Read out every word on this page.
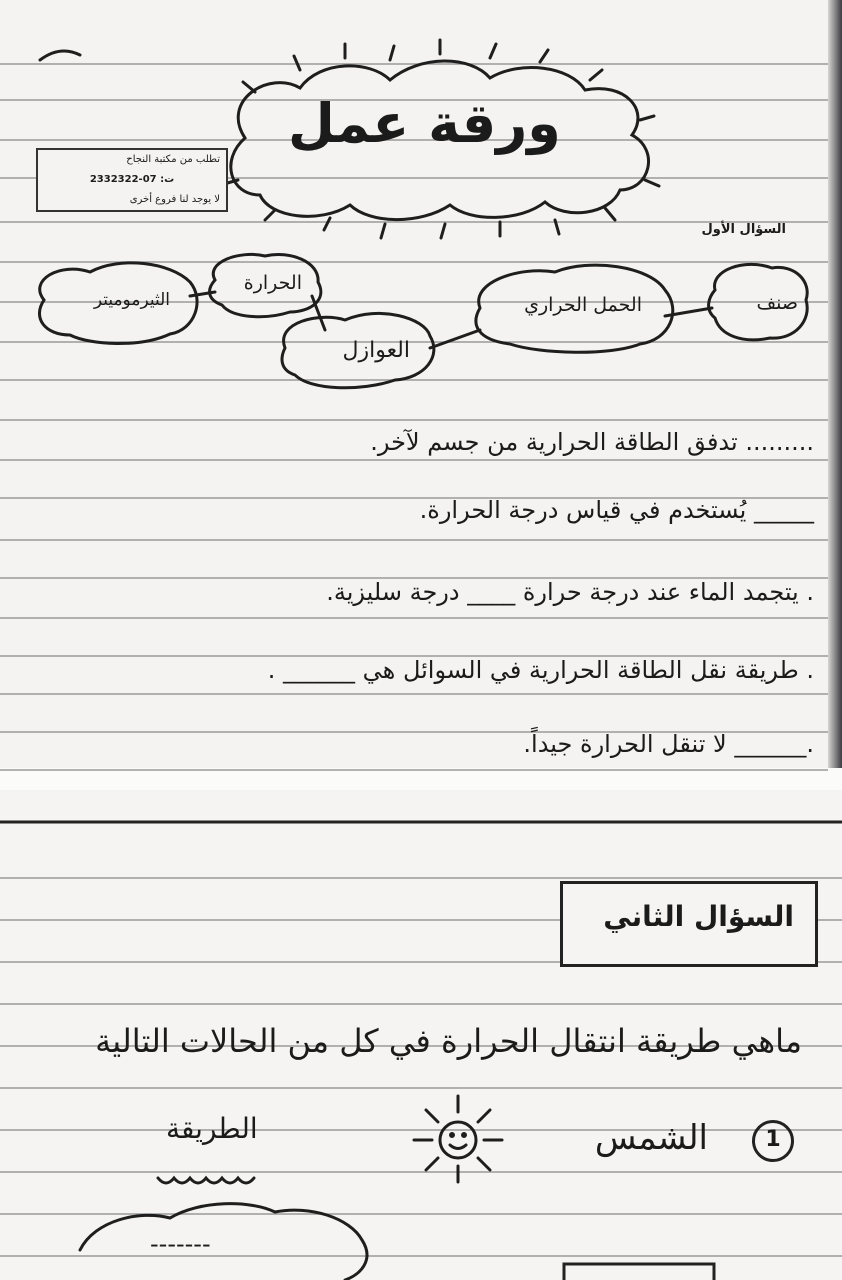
ورقة عمل
تطلب من مكتبة النجاح
ت: 07-2332322
لا يوجد لنا فروع أخرى
السؤال الأول
صنف
الحمل الحراري
الحرارة
الثيرموميتر
العوازل
......... تدفق الطاقة الحرارية من جسم لآخر.
_____ يُستخدم في قياس درجة الحرارة.
. يتجمد الماء عند درجة حرارة ____ درجة سليزية.
. طريقة نقل الطاقة الحرارية في السوائل هي ______ .
.______ لا تنقل الحرارة جيداً.
السؤال الثاني
ماهي طريقة انتقال الحرارة في كل من الحالات التالية
1
الشمس
الطريقة
-------
